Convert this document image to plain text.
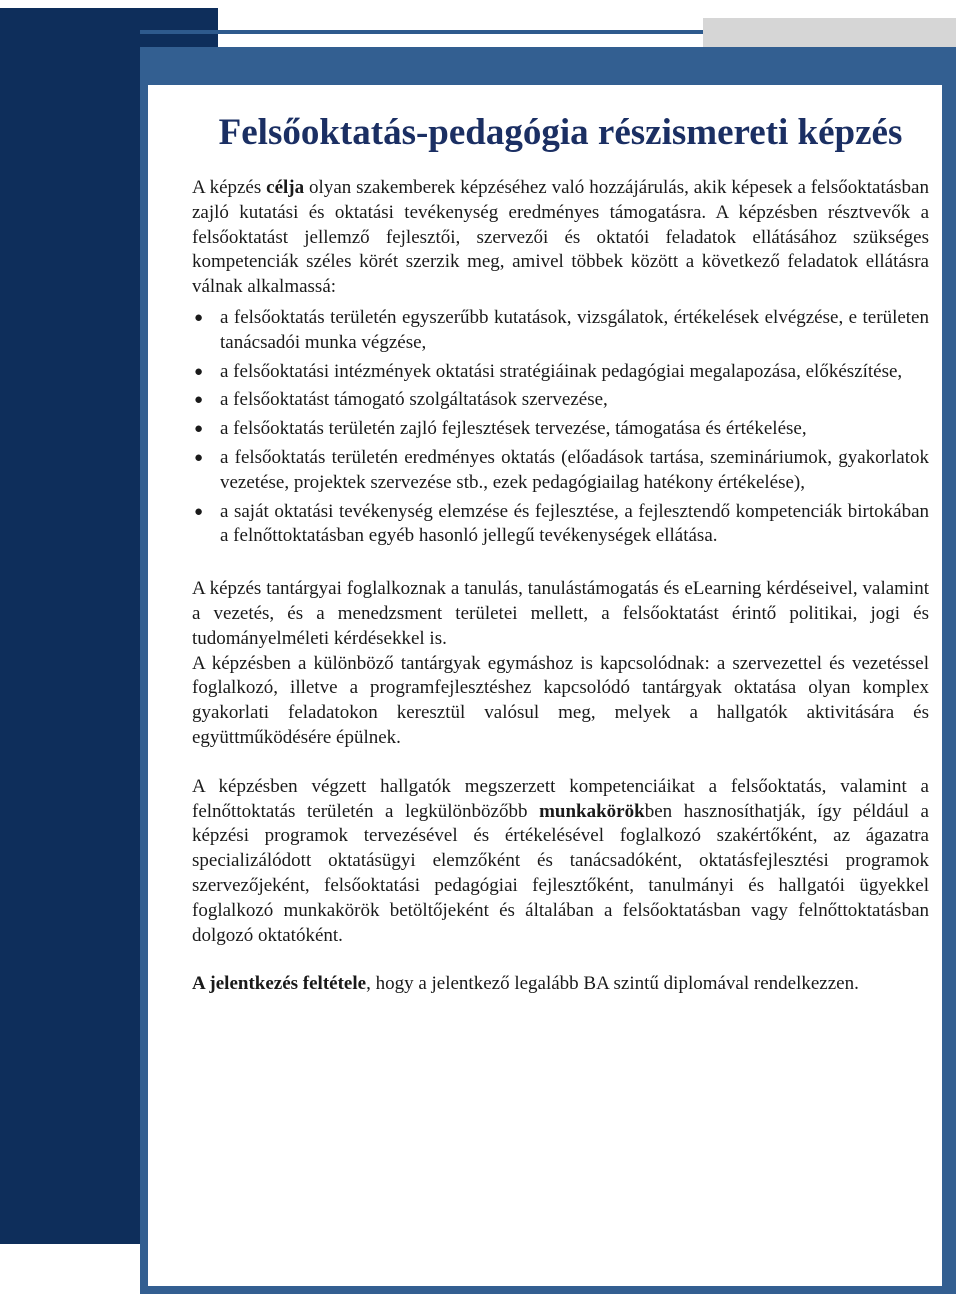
Felsőoktatás-pedagógia részismereti képzés

A képzés célja olyan szakemberek képzéséhez való hozzájárulás, akik képesek a felsőoktatásban zajló kutatási és oktatási tevékenység eredményes támogatásra. A képzésben résztvevők a felsőoktatást jellemző fejlesztői, szervezői és oktatói feladatok ellátásához szükséges kompetenciák széles körét szerzik meg, amivel többek között a következő feladatok ellátásra válnak alkalmassá:

● a felsőoktatás területén egyszerűbb kutatások, vizsgálatok, értékelések elvégzése, e területen tanácsadói munka végzése,
● a felsőoktatási intézmények oktatási stratégiáinak pedagógiai megalapozása, előkészítése,
● a felsőoktatást támogató szolgáltatások szervezése,
● a felsőoktatás területén zajló fejlesztések tervezése, támogatása és értékelése,
● a felsőoktatás területén eredményes oktatás (előadások tartása, szemináriumok, gyakorlatok vezetése, projektek szervezése stb., ezek pedagógiailag hatékony értékelése),
● a saját oktatási tevékenység elemzése és fejlesztése, a fejlesztendő kompetenciák birtokában a felnőttoktatásban egyéb hasonló jellegű tevékenységek ellátása.

A képzés tantárgyai foglalkoznak a tanulás, tanulástámogatás és eLearning kérdéseivel, valamint a vezetés, és a menedzsment területei mellett, a felsőoktatást érintő politikai, jogi és tudományelméleti kérdésekkel is.

A képzésben a különböző tantárgyak egymáshoz is kapcsolódnak: a szervezettel és vezetéssel foglalkozó, illetve a programfejlesztéshez kapcsolódó tantárgyak oktatása olyan komplex gyakorlati feladatokon keresztül valósul meg, melyek a hallgatók aktivitására és együttműködésére épülnek.

A képzésben végzett hallgatók megszerzett kompetenciáikat a felsőoktatás, valamint a felnőttoktatás területén a legkülönbözőbb munkakörökben hasznosíthatják, így például a képzési programok tervezésével és értékelésével foglalkozó szakértőként, az ágazatra specializálódott oktatásügyi elemzőként és tanácsadóként, oktatásfejlesztési programok szervezőjeként, felsőoktatási pedagógiai fejlesztőként, tanulmányi és hallgatói ügyekkel foglalkozó munkakörök betöltőjeként és általában a felsőoktatásban vagy felnőttoktatásban dolgozó oktatóként.

A jelentkezés feltétele, hogy a jelentkező legalább BA szintű diplomával rendelkezzen.
